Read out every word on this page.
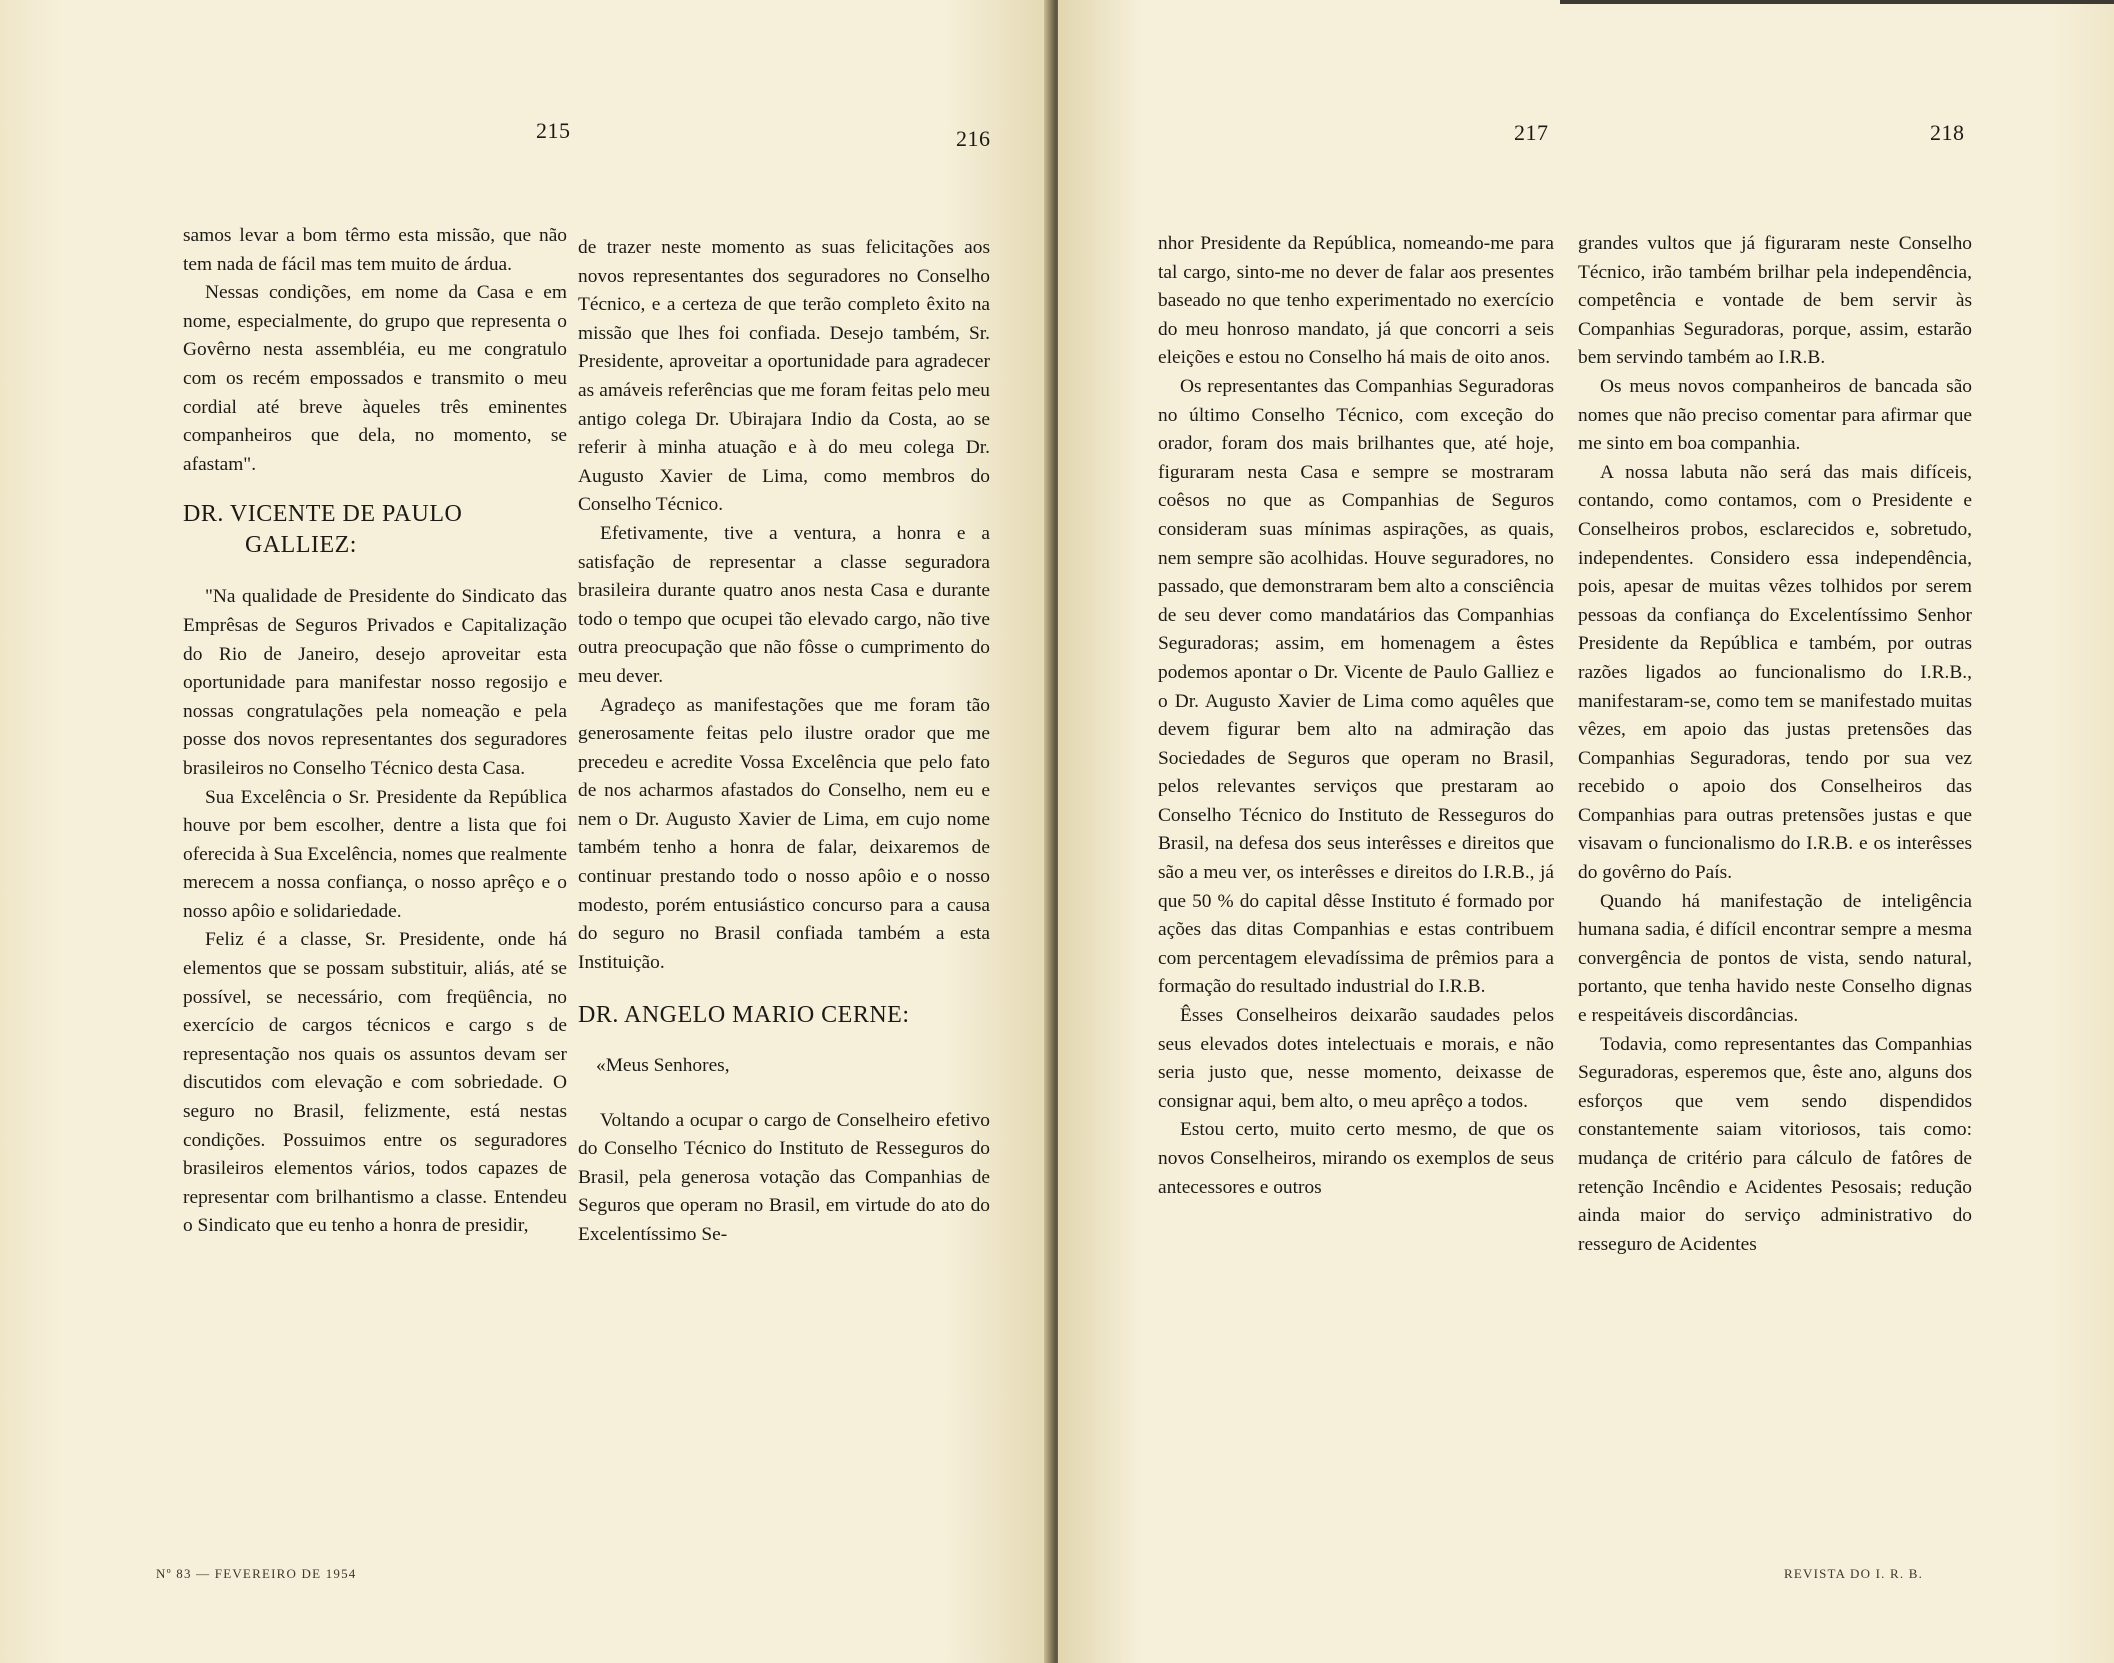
215	216

samos levar a bom têrmo esta missão, que não tem nada de fácil mas tem muito de árdua.

Nessas condições, em nome da Casa e em nome, especialmente, do grupo que representa o Govêrno nesta assembléia, eu me congratulo com os recém empossados e transmito o meu cordial até breve àqueles três eminentes companheiros que dela, no momento, se afastam".

DR. VICENTE DE PAULO
GALLIEZ:

"Na qualidade de Presidente do Sindicato das Emprêsas de Seguros Privados e Capitalização do Rio de Janeiro, desejo aproveitar esta oportunidade para manifestar nosso regosijo e nossas congratulações pela nomeação e pela posse dos novos representantes dos seguradores brasileiros no Conselho Técnico desta Casa.

Sua Excelência o Sr. Presidente da República houve por bem escolher, dentre a lista que foi oferecida à Sua Excelência, nomes que realmente merecem a nossa confiança, o nosso aprêço e o nosso apôio e solidariedade.

Feliz é a classe, Sr. Presidente, onde há elementos que se possam substituir, aliás, até se possível, se necessário, com freqüência, no exercício de cargos técnicos e cargo s de representação nos quais os assuntos devam ser discutidos com elevação e com sobriedade. O seguro no Brasil, felizmente, está nestas condições. Possuimos entre os seguradores brasileiros elementos vários, todos capazes de representar com brilhantismo a classe. Entendeu o Sindicato que eu tenho a honra de presidir,

de trazer neste momento as suas felicitações aos novos representantes dos seguradores no Conselho Técnico, e a certeza de que terão completo êxito na missão que lhes foi confiada. Desejo também, Sr. Presidente, aproveitar a oportunidade para agradecer as amáveis referências que me foram feitas pelo meu antigo colega Dr. Ubirajara Indio da Costa, ao se referir à minha atuação e à do meu colega Dr. Augusto Xavier de Lima, como membros do Conselho Técnico.

Efetivamente, tive a ventura, a honra e a satisfação de representar a classe seguradora brasileira durante quatro anos nesta Casa e durante todo o tempo que ocupei tão elevado cargo, não tive outra preocupação que não fôsse o cumprimento do meu dever.

Agradeço as manifestações que me foram tão generosamente feitas pelo ilustre orador que me precedeu e acredite Vossa Excelência que pelo fato de nos acharmos afastados do Conselho, nem eu e nem o Dr. Augusto Xavier de Lima, em cujo nome também tenho a honra de falar, deixaremos de continuar prestando todo o nosso apôio e o nosso modesto, porém entusiástico concurso para a causa do seguro no Brasil confiada também a esta Instituição.

DR. ANGELO MARIO CERNE:
«Meus Senhores,

Voltando a ocupar o cargo de Conselheiro efetivo do Conselho Técnico do Instituto de Resseguros do Brasil, pela generosa votação das Companhias de Seguros que operam no Brasil, em virtude do ato do Excelentíssimo Se-

Nº 83 — FEVEREIRO DE 1954
217	218

nhor Presidente da República, nomeando-me para tal cargo, sinto-me no dever de falar aos presentes baseado no que tenho experimentado no exercício do meu honroso mandato, já que concorri a seis eleições e estou no Conselho há mais de oito anos.

Os representantes das Companhias Seguradoras no último Conselho Técnico, com exceção do orador, foram dos mais brilhantes que, até hoje, figuraram nesta Casa e sempre se mostraram coêsos no que as Companhias de Seguros consideram suas mínimas aspirações, as quais, nem sempre são acolhidas. Houve seguradores, no passado, que demonstraram bem alto a consciência de seu dever como mandatários das Companhias Seguradoras; assim, em homenagem a êstes podemos apontar o Dr. Vicente de Paulo Galliez e o Dr. Augusto Xavier de Lima como aquêles que devem figurar bem alto na admiração das Sociedades de Seguros que operam no Brasil, pelos relevantes serviços que prestaram ao Conselho Técnico do Instituto de Resseguros do Brasil, na defesa dos seus interêsses e direitos que são a meu ver, os interêsses e direitos do I.R.B., já que 50 % do capital dêsse Instituto é formado por ações das ditas Companhias e estas contribuem com percentagem elevadíssima de prêmios para a formação do resultado industrial do I.R.B.

Êsses Conselheiros deixarão saudades pelos seus elevados dotes intelectuais e morais, e não seria justo que, nesse momento, deixasse de consignar aqui, bem alto, o meu aprêço a todos.

Estou certo, muito certo mesmo, de que os novos Conselheiros, mirando os exemplos de seus antecessores e outros

grandes vultos que já figuraram neste Conselho Técnico, irão também brilhar pela independência, competência e vontade de bem servir às Companhias Seguradoras, porque, assim, estarão bem servindo também ao I.R.B.

Os meus novos companheiros de bancada são nomes que não preciso comentar para afirmar que me sinto em boa companhia.

A nossa labuta não será das mais difíceis, contando, como contamos, com o Presidente e Conselheiros probos, esclarecidos e, sobretudo, independentes. Considero essa independência, pois, apesar de muitas vêzes tolhidos por serem pessoas da confiança do Excelentíssimo Senhor Presidente da República e também, por outras razões ligados ao funcionalismo do I.R.B., manifestaram-se, como tem se manifestado muitas vêzes, em apoio das justas pretensões das Companhias Seguradoras, tendo por sua vez recebido o apoio dos Conselheiros das Companhias para outras pretensões justas e que visavam o funcionalismo do I.R.B. e os interêsses do govêrno do País.

Quando há manifestação de inteligência humana sadia, é difícil encontrar sempre a mesma convergência de pontos de vista, sendo natural, portanto, que tenha havido neste Conselho dignas e respeitáveis discordâncias.

Todavia, como representantes das Companhias Seguradoras, esperemos que, êste ano, alguns dos esforços que vem sendo dispendidos constantemente saiam vitoriosos, tais como: mudança de critério para cálculo de fatôres de retenção Incêndio e Acidentes Pesosais; redução ainda maior do serviço administrativo do resseguro de Acidentes

REVISTA DO I. R. B.
